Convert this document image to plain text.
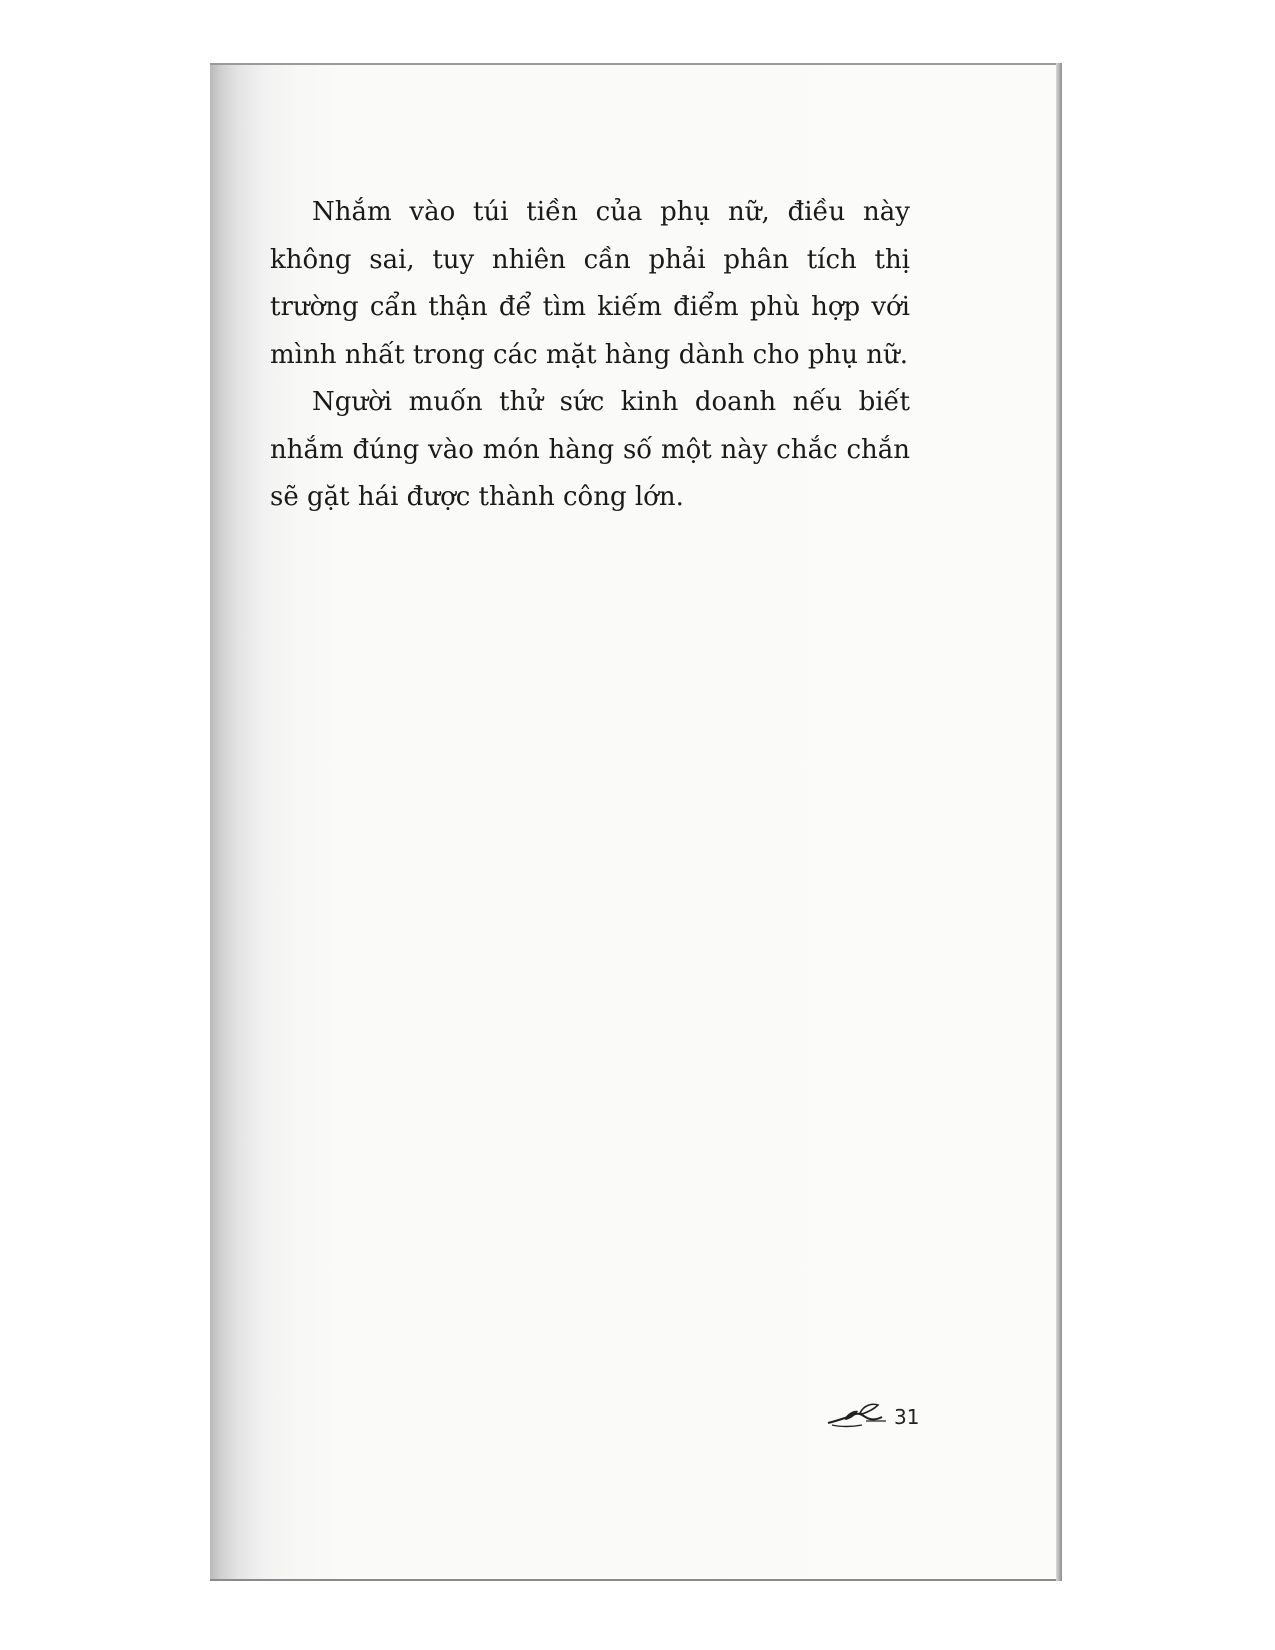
Nhắm vào túi tiền của phụ nữ, điều này không sai, tuy nhiên cần phải phân tích thị trường cẩn thận để tìm kiếm điểm phù hợp với mình nhất trong các mặt hàng dành cho phụ nữ.

Người muốn thử sức kinh doanh nếu biết nhắm đúng vào món hàng số một này chắc chắn sẽ gặt hái được thành công lớn.

31
